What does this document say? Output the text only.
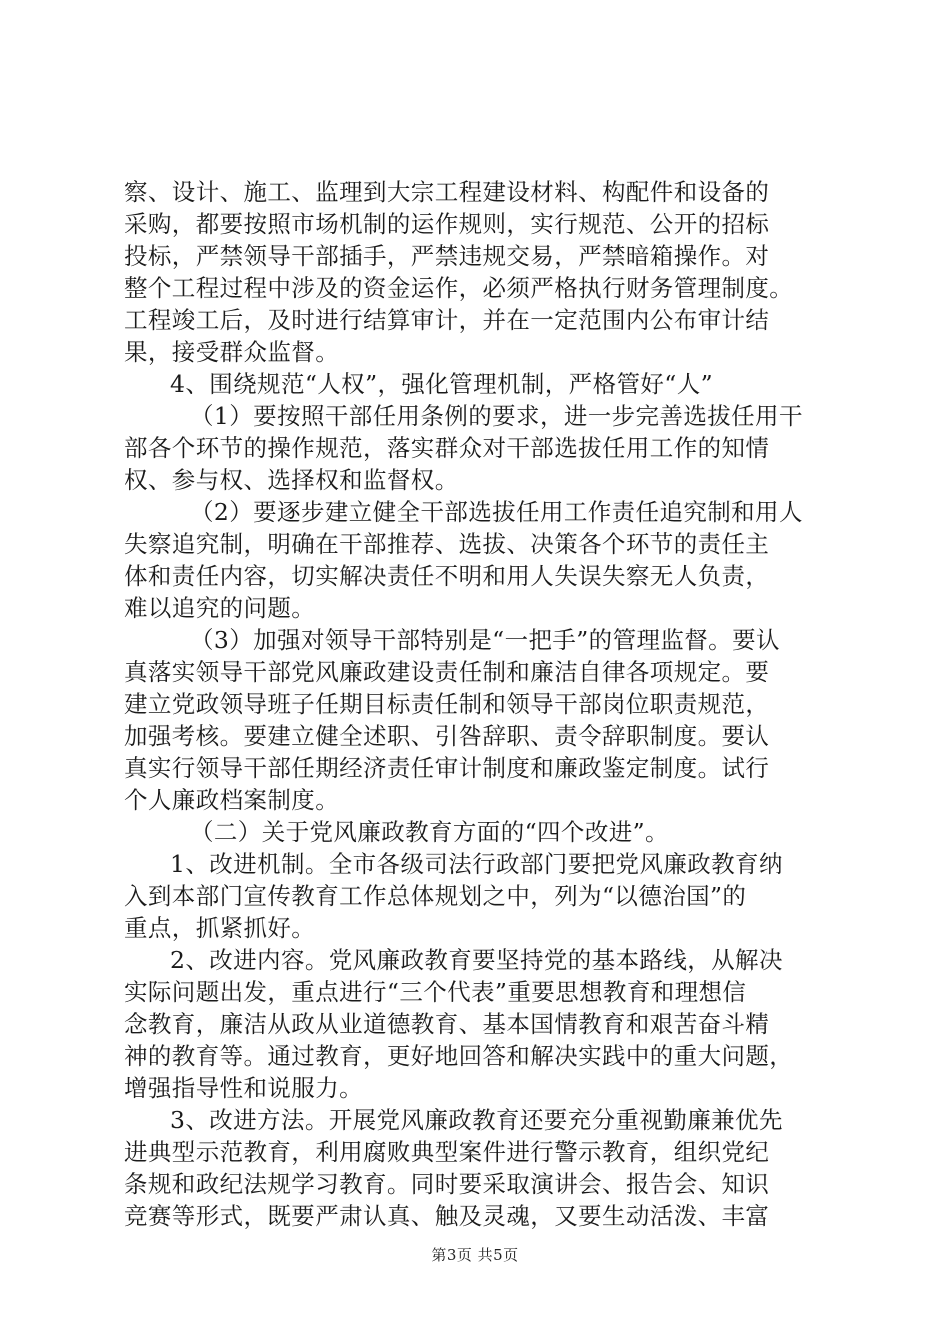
察、设计、施工、监理到大宗工程建设材料、构配件和设备的
采购，都要按照市场机制的运作规则，实行规范、公开的招标
投标，严禁领导干部插手，严禁违规交易，严禁暗箱操作。对
整个工程过程中涉及的资金运作，必须严格执行财务管理制度。
工程竣工后，及时进行结算审计，并在一定范围内公布审计结
果，接受群众监督。
4、围绕规范“人权”，强化管理机制，严格管好“人”
（1）要按照干部任用条例的要求，进一步完善选拔任用干
部各个环节的操作规范，落实群众对干部选拔任用工作的知情
权、参与权、选择权和监督权。
（2）要逐步建立健全干部选拔任用工作责任追究制和用人
失察追究制，明确在干部推荐、选拔、决策各个环节的责任主
体和责任内容，切实解决责任不明和用人失误失察无人负责，
难以追究的问题。
（3）加强对领导干部特别是“一把手”的管理监督。要认
真落实领导干部党风廉政建设责任制和廉洁自律各项规定。要
建立党政领导班子任期目标责任制和领导干部岗位职责规范，
加强考核。要建立健全述职、引咎辞职、责令辞职制度。要认
真实行领导干部任期经济责任审计制度和廉政鉴定制度。试行
个人廉政档案制度。
（二）关于党风廉政教育方面的“四个改进”。
1、改进机制。全市各级司法行政部门要把党风廉政教育纳
入到本部门宣传教育工作总体规划之中，列为“以德治国”的
重点，抓紧抓好。
2、改进内容。党风廉政教育要坚持党的基本路线，从解决
实际问题出发，重点进行“三个代表”重要思想教育和理想信
念教育，廉洁从政从业道德教育、基本国情教育和艰苦奋斗精
神的教育等。通过教育，更好地回答和解决实践中的重大问题，
增强指导性和说服力。
3、改进方法。开展党风廉政教育还要充分重视勤廉兼优先
进典型示范教育，利用腐败典型案件进行警示教育，组织党纪
条规和政纪法规学习教育。同时要采取演讲会、报告会、知识
竞赛等形式，既要严肃认真、触及灵魂，又要生动活泼、丰富
第3页 共5页
